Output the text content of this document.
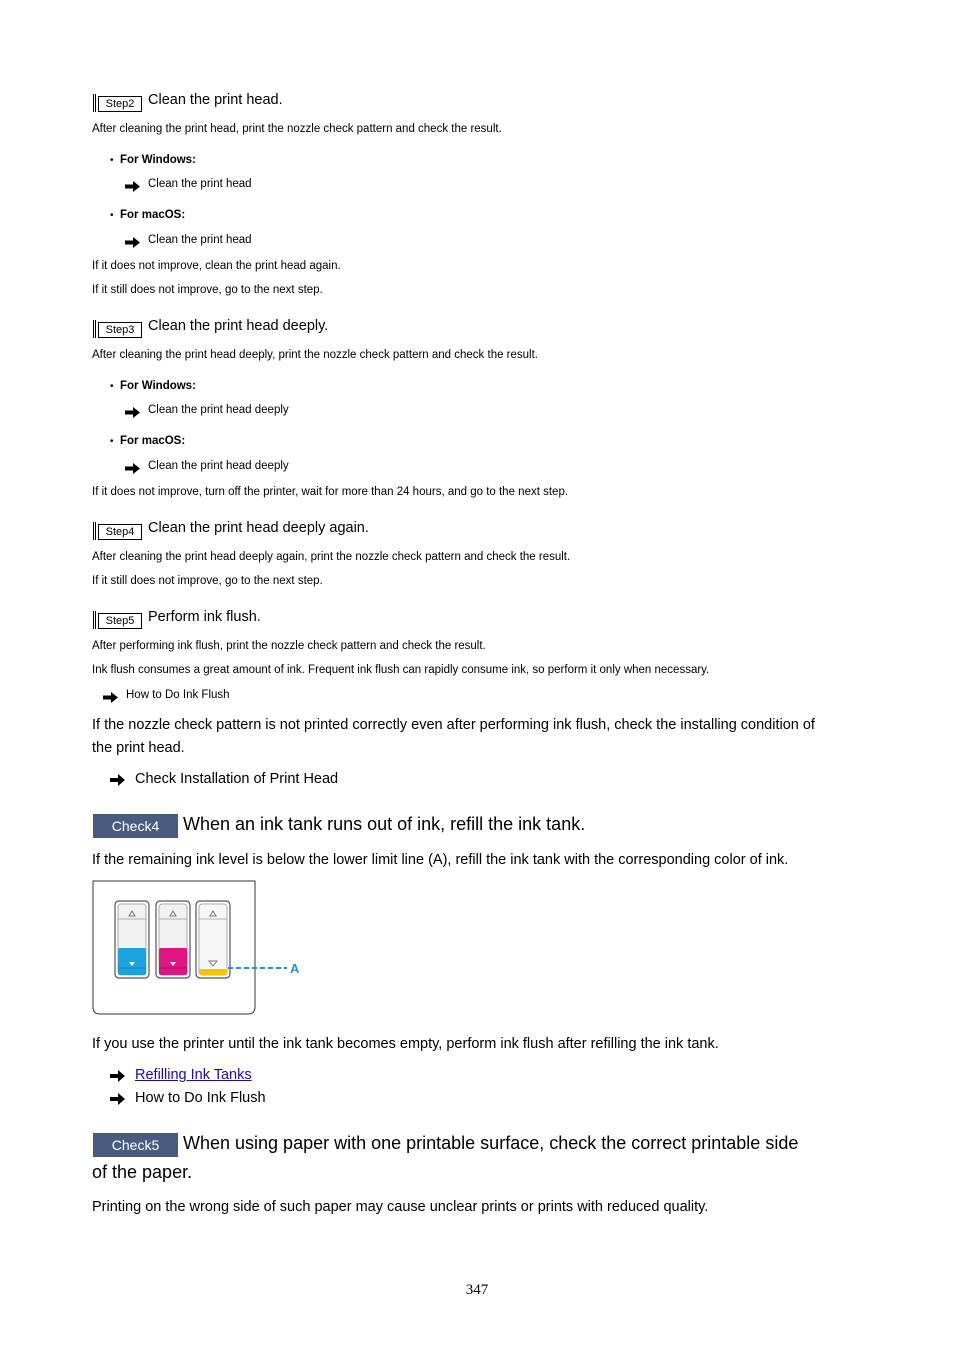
Step2 Clean the print head.
After cleaning the print head, print the nozzle check pattern and check the result.
• For Windows:
Clean the print head
• For macOS:
Clean the print head
If it does not improve, clean the print head again.
If it still does not improve, go to the next step.
Step3 Clean the print head deeply.
After cleaning the print head deeply, print the nozzle check pattern and check the result.
• For Windows:
Clean the print head deeply
• For macOS:
Clean the print head deeply
If it does not improve, turn off the printer, wait for more than 24 hours, and go to the next step.
Step4 Clean the print head deeply again.
After cleaning the print head deeply again, print the nozzle check pattern and check the result.
If it still does not improve, go to the next step.
Step5 Perform ink flush.
After performing ink flush, print the nozzle check pattern and check the result.
Ink flush consumes a great amount of ink. Frequent ink flush can rapidly consume ink, so perform it only when necessary.
How to Do Ink Flush
If the nozzle check pattern is not printed correctly even after performing ink flush, check the installing condition of
the print head.
Check Installation of Print Head
Check4	When an ink tank runs out of ink, refill the ink tank.
If the remaining ink level is below the lower limit line (A), refill the ink tank with the corresponding color of ink.
A
If you use the printer until the ink tank becomes empty, perform ink flush after refilling the ink tank.
Refilling Ink Tanks
How to Do Ink Flush
Check5	When using paper with one printable surface, check the correct printable side
of the paper.
Printing on the wrong side of such paper may cause unclear prints or prints with reduced quality.
347
